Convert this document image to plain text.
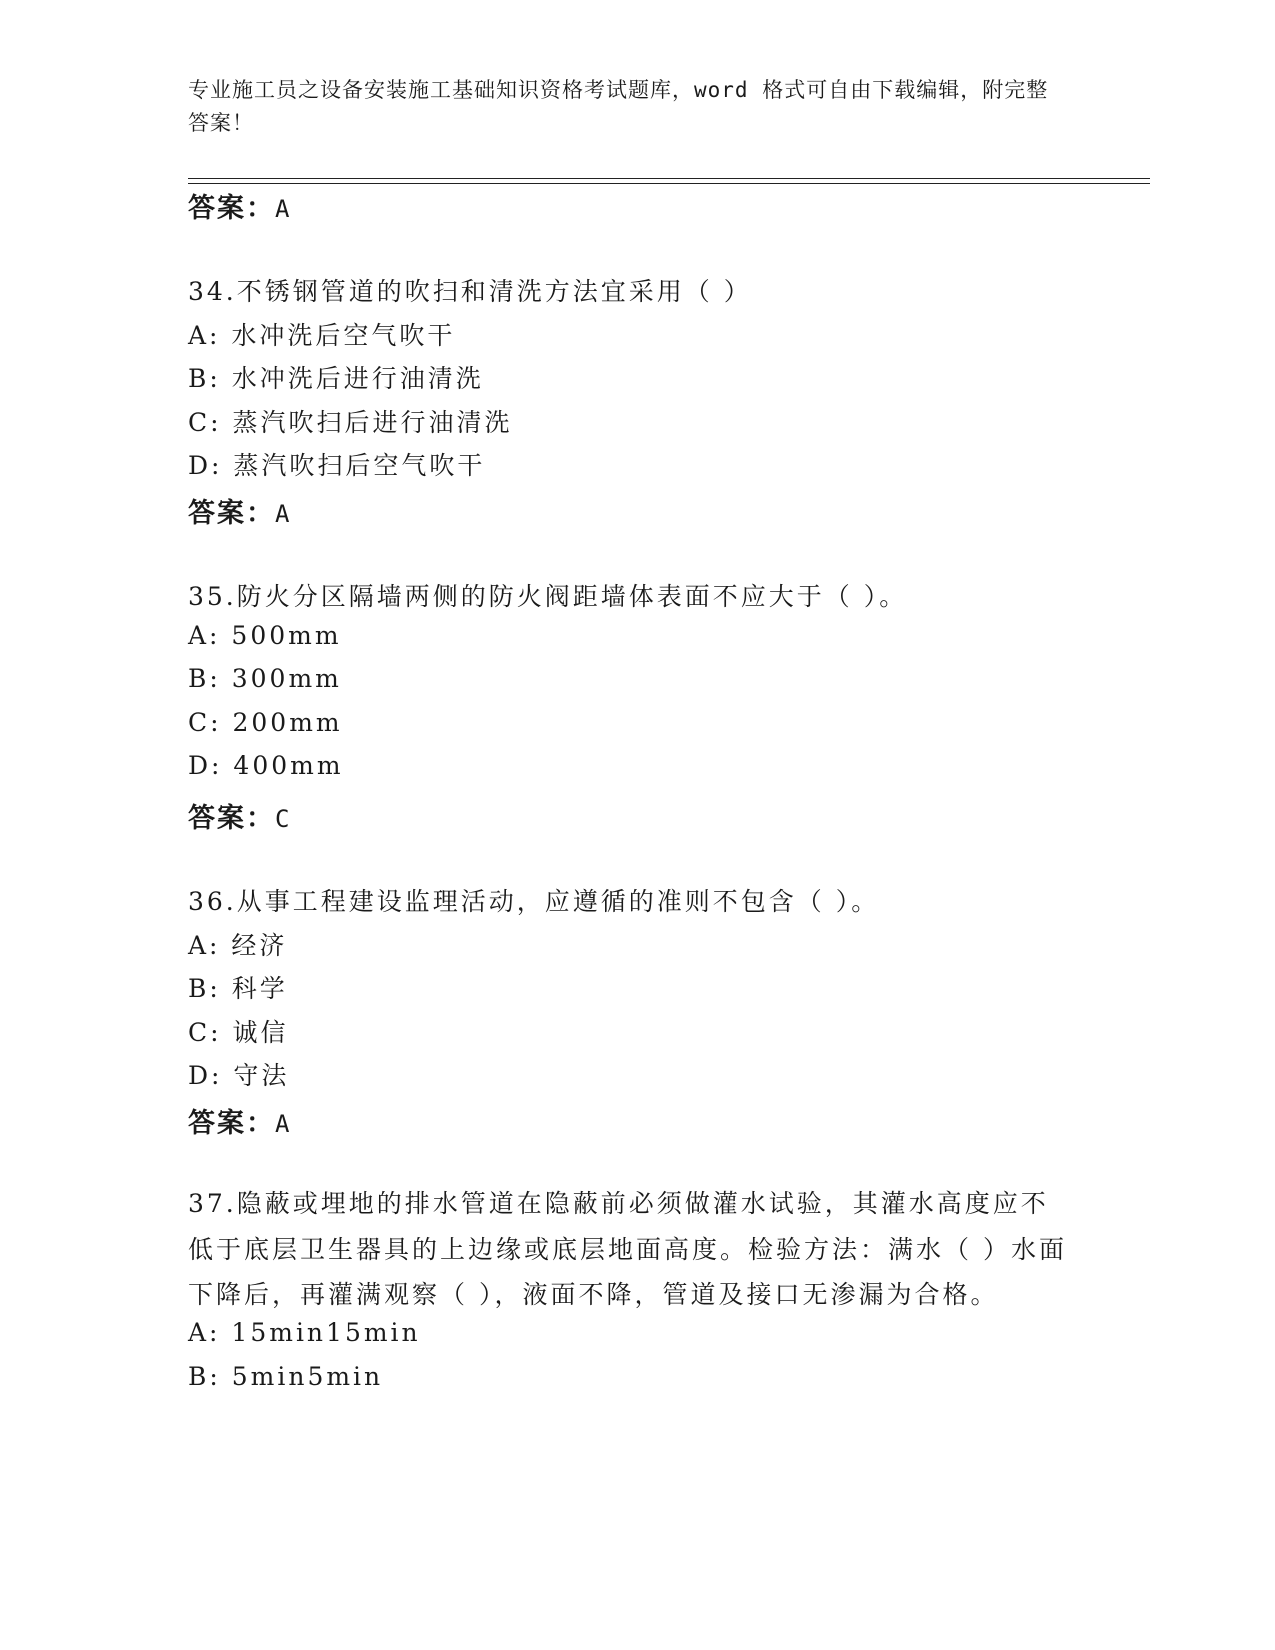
专业施工员之设备安装施工基础知识资格考试题库，word 格式可自由下载编辑，附完整答案！
答案：A
34.不锈钢管道的吹扫和清洗方法宜采用（ ）
A: 水冲洗后空气吹干
B: 水冲洗后进行油清洗
C: 蒸汽吹扫后进行油清洗
D: 蒸汽吹扫后空气吹干
答案：A
35.防火分区隔墙两侧的防火阀距墙体表面不应大于（ ）。
A: 500mm
B: 300mm
C: 200mm
D: 400mm
答案：C
36.从事工程建设监理活动，应遵循的准则不包含（ ）。
A: 经济
B: 科学
C: 诚信
D: 守法
答案：A
37.隐蔽或埋地的排水管道在隐蔽前必须做灌水试验，其灌水高度应不低于底层卫生器具的上边缘或底层地面高度。检验方法：满水（ ）水面下降后，再灌满观察（ ），液面不降，管道及接口无渗漏为合格。
A: 15min15min
B: 5min5min
